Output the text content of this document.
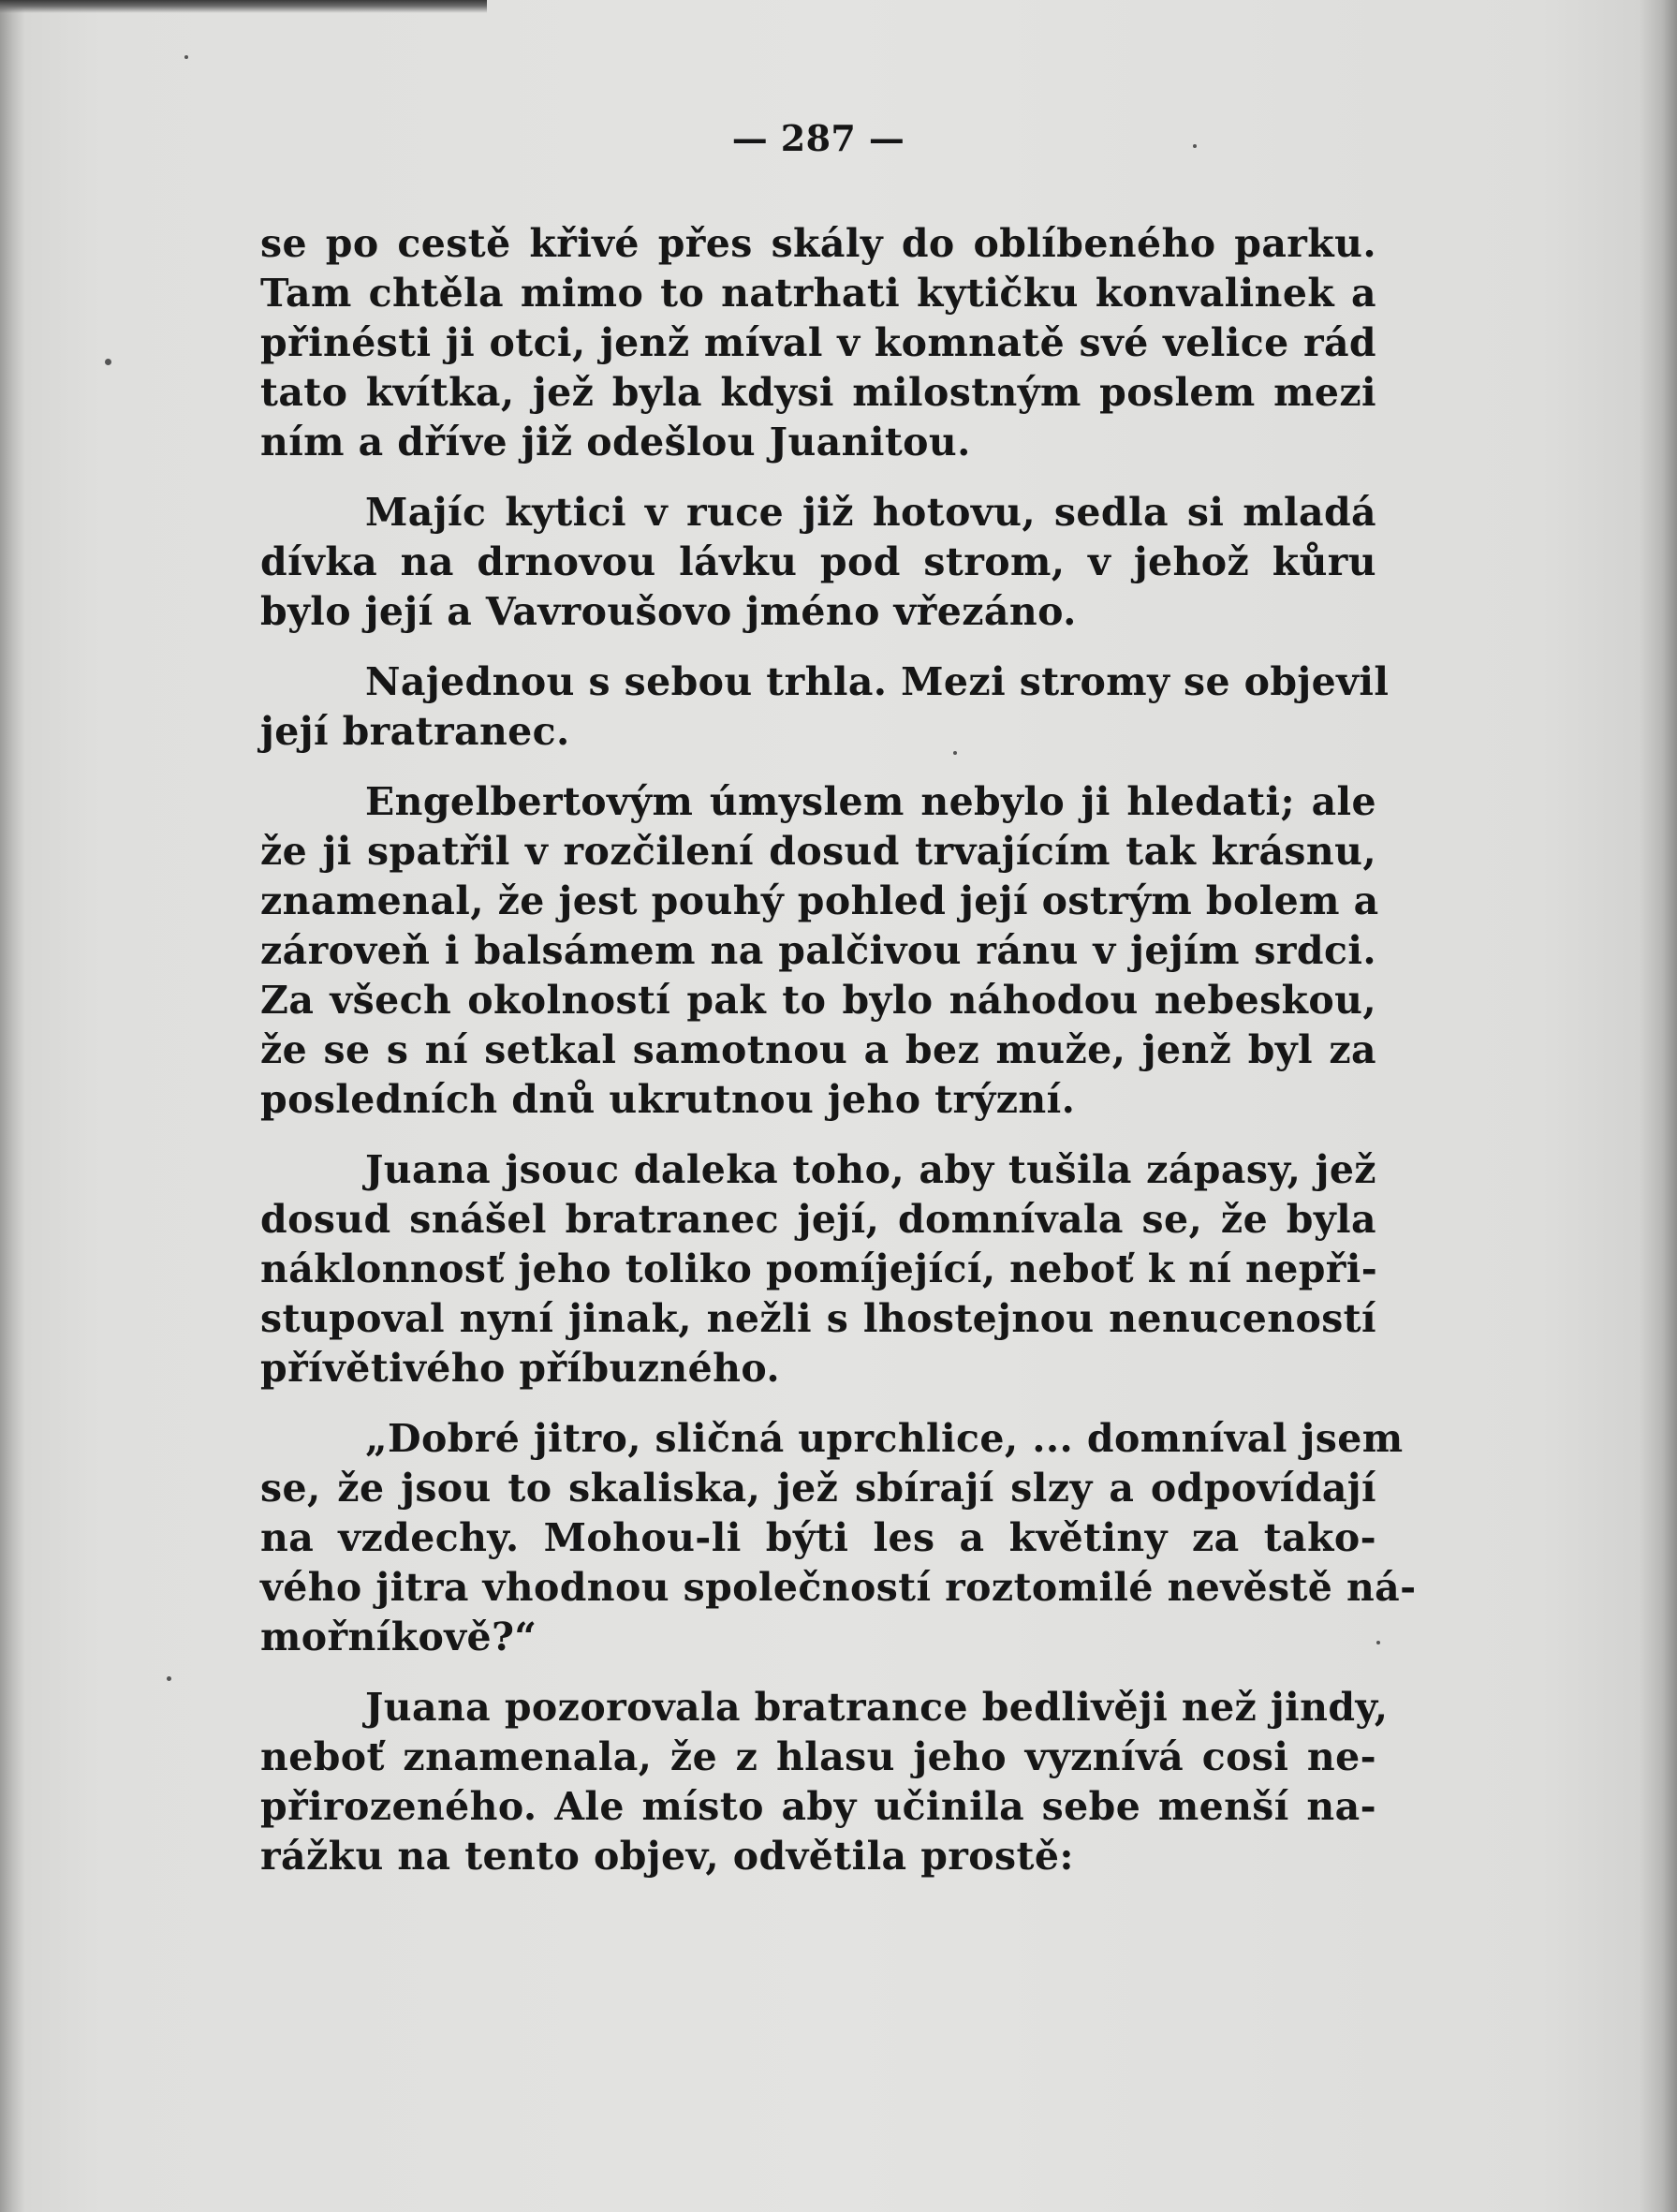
— 287 —
se po cestě křivé přes skály do oblíbeného parku.
Tam chtěla mimo to natrhati kytičku konvalinek a
přinésti ji otci, jenž míval v komnatě své velice rád
tato kvítka, jež byla kdysi milostným poslem mezi
ním a dříve již odešlou Juanitou.
Majíc kytici v ruce již hotovu, sedla si mladá
dívka na drnovou lávku pod strom, v jehož kůru
bylo její a Vavroušovo jméno vřezáno.
Najednou s sebou trhla. Mezi stromy se objevil
její bratranec.
Engelbertovým úmyslem nebylo ji hledati; ale
že ji spatřil v rozčilení dosud trvajícím tak krásnu,
znamenal, že jest pouhý pohled její ostrým bolem a
zároveň i balsámem na palčivou ránu v jejím srdci.
Za všech okolností pak to bylo náhodou nebeskou,
že se s ní setkal samotnou a bez muže, jenž byl za
posledních dnů ukrutnou jeho trýzní.
Juana jsouc daleka toho, aby tušila zápasy, jež
dosud snášel bratranec její, domnívala se, že byla
náklonnosť jeho toliko pomíjející, neboť k ní nepři-
stupoval nyní jinak, nežli s lhostejnou nenuceností
přívětivého příbuzného.
„Dobré jitro, sličná uprchlice, ... domníval jsem
se, že jsou to skaliska, jež sbírají slzy a odpovídají
na vzdechy. Mohou-li býti les a květiny za tako-
vého jitra vhodnou společností roztomilé nevěstě ná-
mořníkově?“
Juana pozorovala bratrance bedlivěji než jindy,
neboť znamenala, že z hlasu jeho vyznívá cosi ne-
přirozeného. Ale místo aby učinila sebe menší na-
rážku na tento objev, odvětila prostě:
